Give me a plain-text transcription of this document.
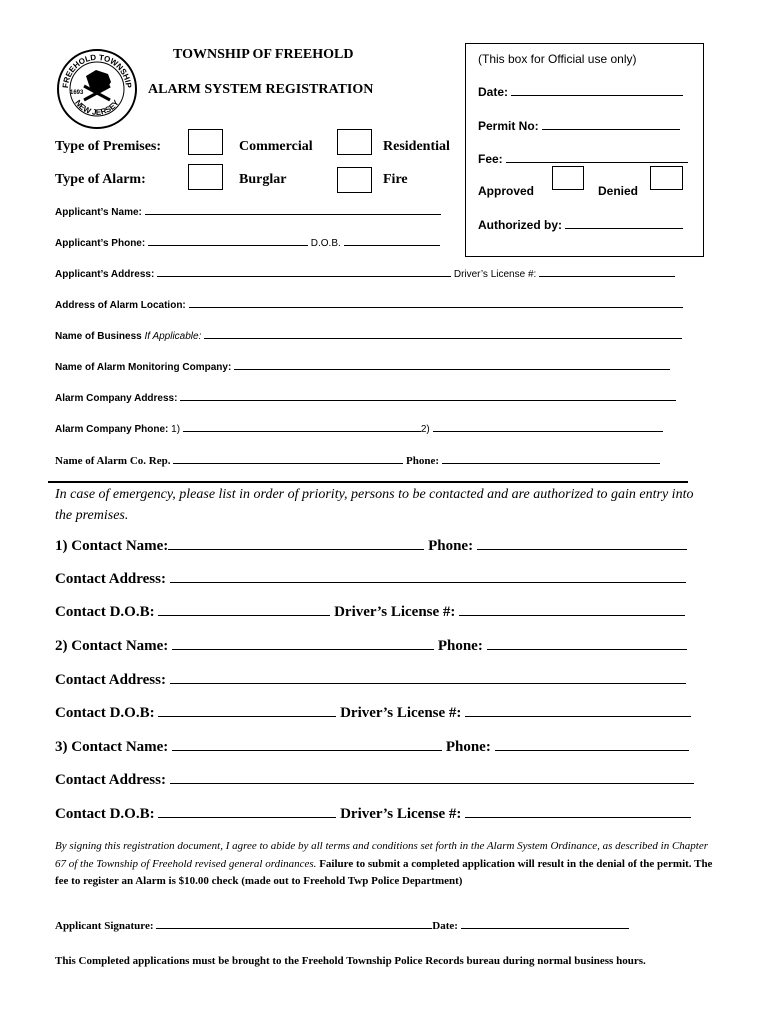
FREEHOLD TOWNSHIP
NEW JERSEY
1693
TOWNSHIP OF FREEHOLD
ALARM SYSTEM REGISTRATION
(This box for Official use only)
Date:
Permit No:
Fee:
Approved	Denied
Authorized by:
Type of Premises:	Commercial	Residential
Type of Alarm:	Burglar	Fire
Applicant’s Name:
Applicant’s Phone:	D.O.B.
Applicant’s Address:	Driver’s License #:
Address of Alarm Location:
Name of Business If Applicable:
Name of Alarm Monitoring Company:
Alarm Company Address:
Alarm Company Phone: 1)	2)
Name of Alarm Co. Rep.	Phone:
In case of emergency, please list in order of priority, persons to be contacted and are authorized to gain entry into the premises.
1) Contact Name:	Phone:
Contact Address:
Contact D.O.B:	Driver’s License #:
2) Contact Name:	Phone:
Contact Address:
Contact D.O.B:	Driver’s License #:
3) Contact Name:	Phone:
Contact Address:
Contact D.O.B:	Driver’s License #:
By signing this registration document, I agree to abide by all terms and conditions set forth in the Alarm System Ordinance, as described in Chapter 67 of the Township of Freehold revised general ordinances. Failure to submit a completed application will result in the denial of the permit. The fee to register an Alarm is $10.00 check (made out to Freehold Twp Police Department)
Applicant Signature:	Date:
This Completed applications must be brought to the Freehold Township Police Records bureau during normal business hours.
